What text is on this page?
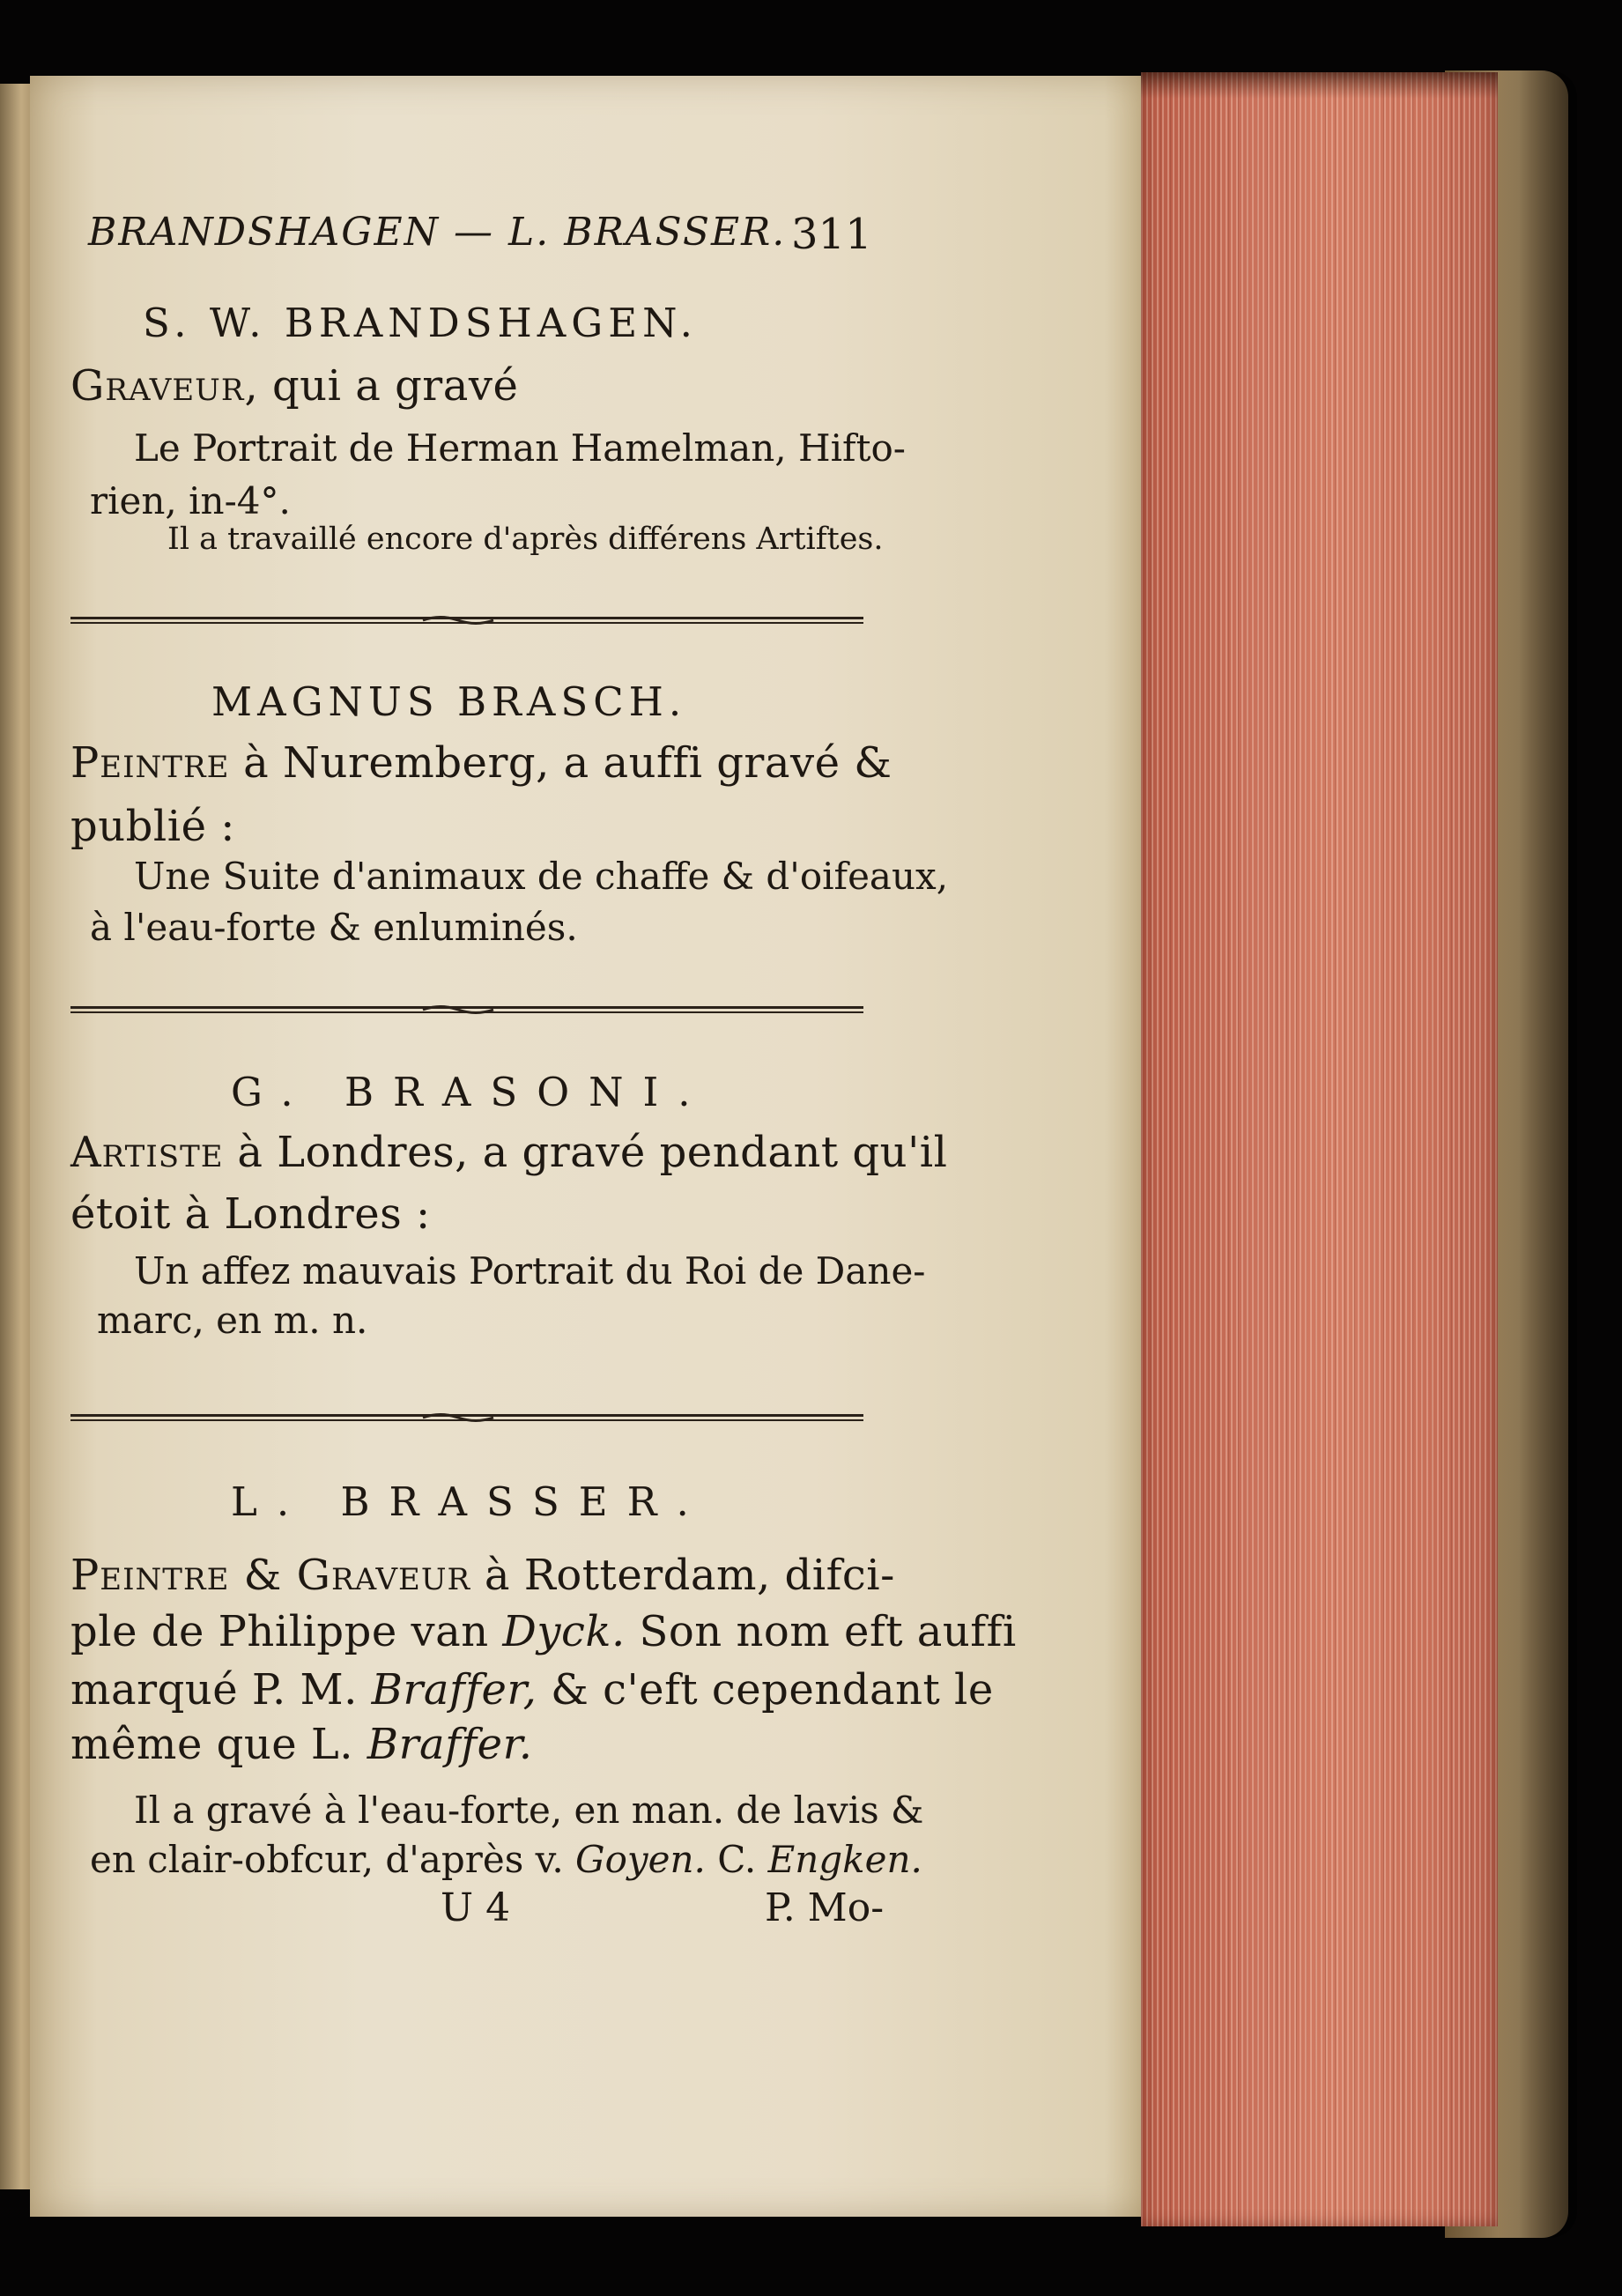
BRANDSHAGEN — L. BRASSER. 311
S. W. BRANDSHAGEN.
Graveur, qui a gravé
Le Portrait de Herman Hamelman, Hifto-
rien, in-4°.
Il a travaillé encore d'après différens Artiftes.
MAGNUS BRASCH.
Peintre à Nuremberg, a auffi gravé &
publié :
Une Suite d'animaux de chaffe & d'oifeaux,
à l'eau-forte & enluminés.
G. BRASONI.
Artiste à Londres, a gravé pendant qu'il
étoit à Londres :
Un affez mauvais Portrait du Roi de Dane-
marc, en m. n.
L. BRASSER.
Peintre & Graveur à Rotterdam, difci-
ple de Philippe van Dyck. Son nom eft auffi
marqué P. M. Braffer, & c'eft cependant le
même que L. Braffer.
Il a gravé à l'eau-forte, en man. de lavis &
en clair-obfcur, d'après v. Goyen. C. Engken.
U 4	P. Mo-
